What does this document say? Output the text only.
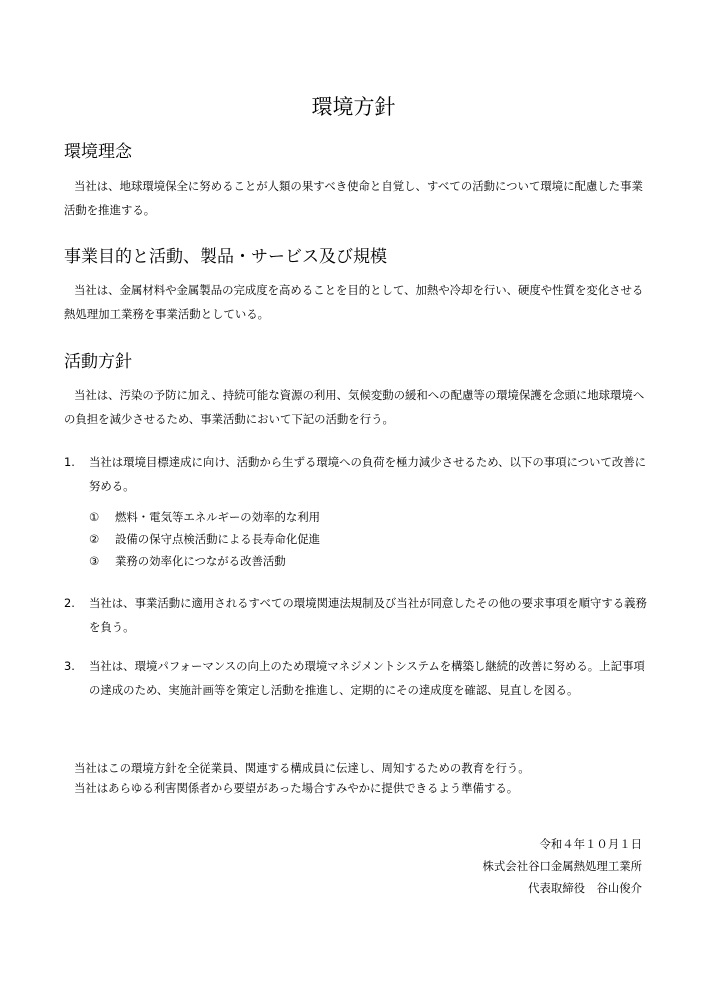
環境方針
環境理念

当社は、地球環境保全に努めることが人類の果すべき使命と自覚し、すべての活動について環境に配慮した事業活動を推進する。

事業目的と活動、製品・サービス及び規模

当社は、金属材料や金属製品の完成度を高めることを目的として、加熱や冷却を行い、硬度や性質を変化させる熱処理加工業務を事業活動としている。

活動方針

当社は、汚染の予防に加え、持続可能な資源の利用、気候変動の緩和への配慮等の環境保護を念頭に地球環境への負担を減少させるため、事業活動において下記の活動を行う。

1. 当社は環境目標達成に向け、活動から生ずる環境への負荷を極力減少させるため、以下の事項について改善に努める。
① 燃料・電気等エネルギーの効率的な利用
② 設備の保守点検活動による長寿命化促進
③ 業務の効率化につながる改善活動
2. 当社は、事業活動に適用されるすべての環境関連法規制及び当社が同意したその他の要求事項を順守する義務を負う。
3. 当社は、環境パフォーマンスの向上のため環境マネジメントシステムを構築し継続的改善に努める。上記事項の達成のため、実施計画等を策定し活動を推進し、定期的にその達成度を確認、見直しを図る。
当社はこの環境方針を全従業員、関連する構成員に伝達し、周知するための教育を行う。
当社はあらゆる利害関係者から要望があった場合すみやかに提供できるよう準備する。
令和４年１０月１日
株式会社谷口金属熱処理工業所
代表取締役　谷山俊介
